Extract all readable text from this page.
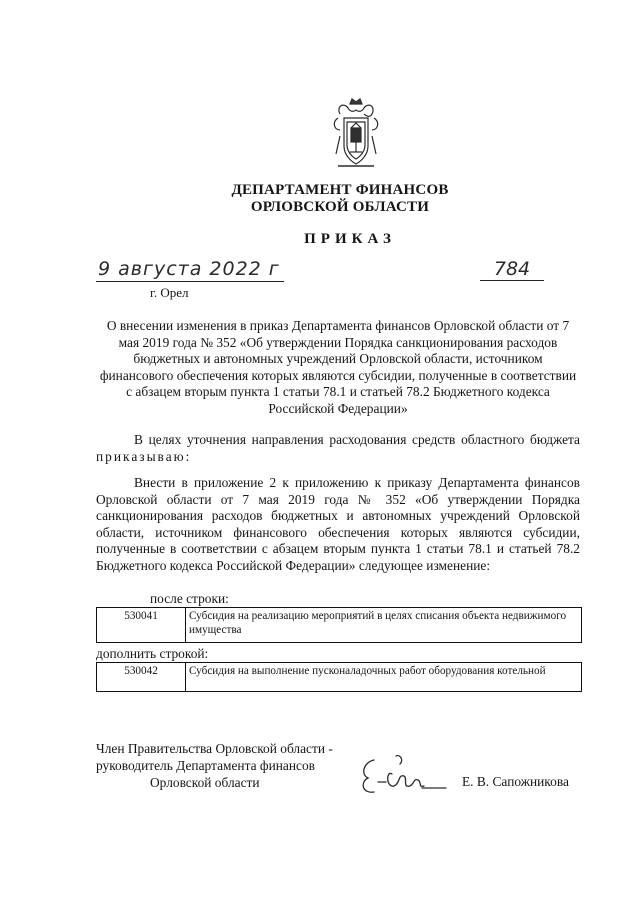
ДЕПАРТАМЕНТ ФИНАНСОВ
ОРЛОВСКОЙ ОБЛАСТИ
ПРИКАЗ
9 августа 2022 г	784
г. Орел
О внесении изменения в приказ Департамента финансов Орловской области от 7 мая 2019 года № 352 «Об утверждении Порядка санкционирования расходов бюджетных и автономных учреждений Орловской области, источником финансового обеспечения которых являются субсидии, полученные в соответствии с абзацем вторым пункта 1 статьи 78.1 и статьей 78.2 Бюджетного кодекса Российской Федерации»
В целях уточнения направления расходования средств областного бюджета приказываю:
Внести в приложение 2 к приложению к приказу Департамента финансов Орловской области от 7 мая 2019 года № 352 «Об утверждении Порядка санкционирования расходов бюджетных и автономных учреждений Орловской области, источником финансового обеспечения которых являются субсидии, полученные в соответствии с абзацем вторым пункта 1 статьи 78.1 и статьей 78.2 Бюджетного кодекса Российской Федерации» следующее изменение:
после строки:
530041	Субсидия на реализацию мероприятий в целях списания объекта недвижимого имущества
дополнить строкой:
530042	Субсидия на выполнение пусконаладочных работ оборудования котельной
Член Правительства Орловской области -
руководитель Департамента финансов
Орловской области	Е. В. Сапожникова
